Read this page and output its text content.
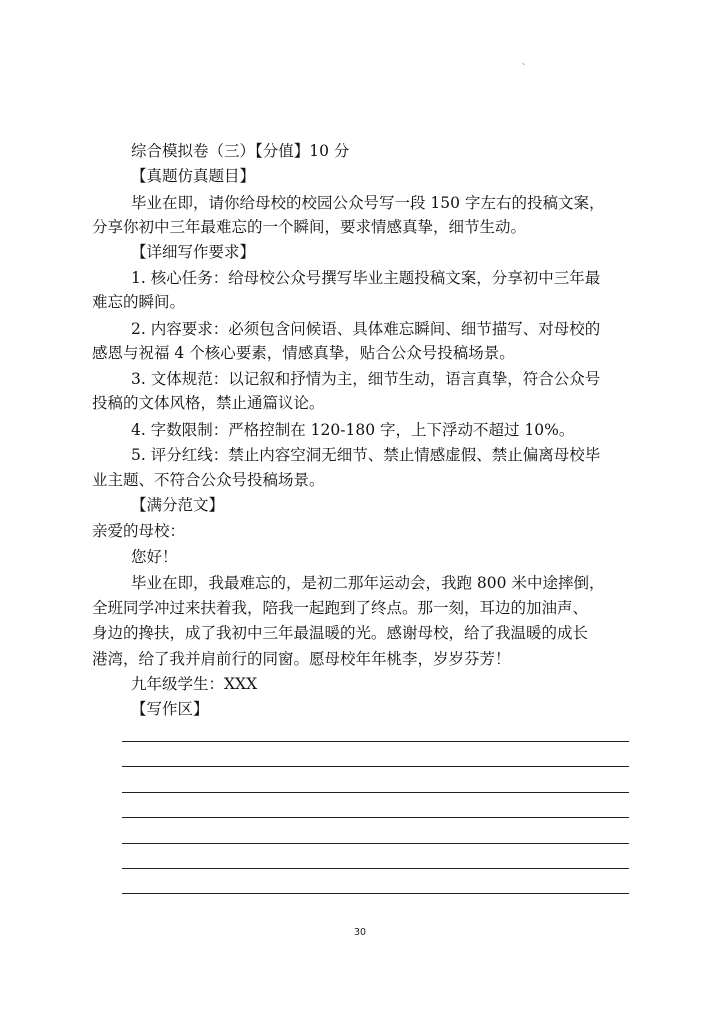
、
综合模拟卷（三）【分值】10 分
【真题仿真题目】
毕业在即，请你给母校的校园公众号写一段 150 字左右的投稿文案，
分享你初中三年最难忘的一个瞬间，要求情感真挚，细节生动。
【详细写作要求】
1. 核心任务：给母校公众号撰写毕业主题投稿文案，分享初中三年最
难忘的瞬间。
2. 内容要求：必须包含问候语、具体难忘瞬间、细节描写、对母校的
感恩与祝福 4 个核心要素，情感真挚，贴合公众号投稿场景。
3. 文体规范：以记叙和抒情为主，细节生动，语言真挚，符合公众号
投稿的文体风格，禁止通篇议论。
4. 字数限制：严格控制在 120-180 字，上下浮动不超过 10%。
5. 评分红线：禁止内容空洞无细节、禁止情感虚假、禁止偏离母校毕
业主题、不符合公众号投稿场景。
【满分范文】
亲爱的母校：
您好！
毕业在即，我最难忘的，是初二那年运动会，我跑 800 米中途摔倒，
全班同学冲过来扶着我，陪我一起跑到了终点。那一刻，耳边的加油声、
身边的搀扶，成了我初中三年最温暖的光。感谢母校，给了我温暖的成长
港湾，给了我并肩前行的同窗。愿母校年年桃李，岁岁芬芳！
九年级学生：XXX
【写作区】
30
